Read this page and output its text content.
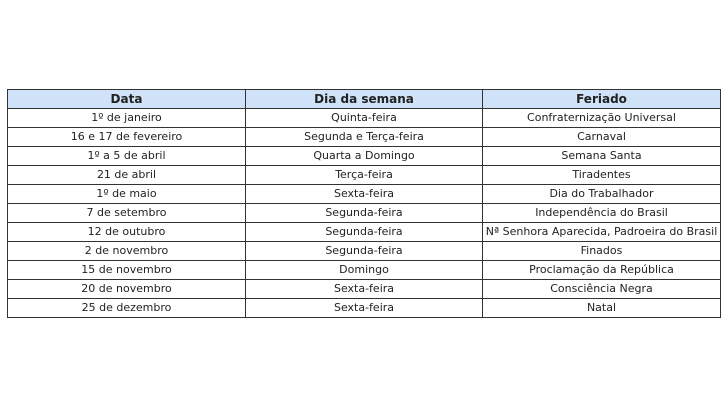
Data	Dia da semana	Feriado
1º de janeiro	Quinta-feira	Confraternização Universal
16 e 17 de fevereiro	Segunda e Terça-feira	Carnaval
1º a 5 de abril	Quarta a Domingo	Semana Santa
21 de abril	Terça-feira	Tiradentes
1º de maio	Sexta-feira	Dia do Trabalhador
7 de setembro	Segunda-feira	Independência do Brasil
12 de outubro	Segunda-feira	Nª Senhora Aparecida, Padroeira do Brasil
2 de novembro	Segunda-feira	Finados
15 de novembro	Domingo	Proclamação da República
20 de novembro	Sexta-feira	Consciência Negra
25 de dezembro	Sexta-feira	Natal
